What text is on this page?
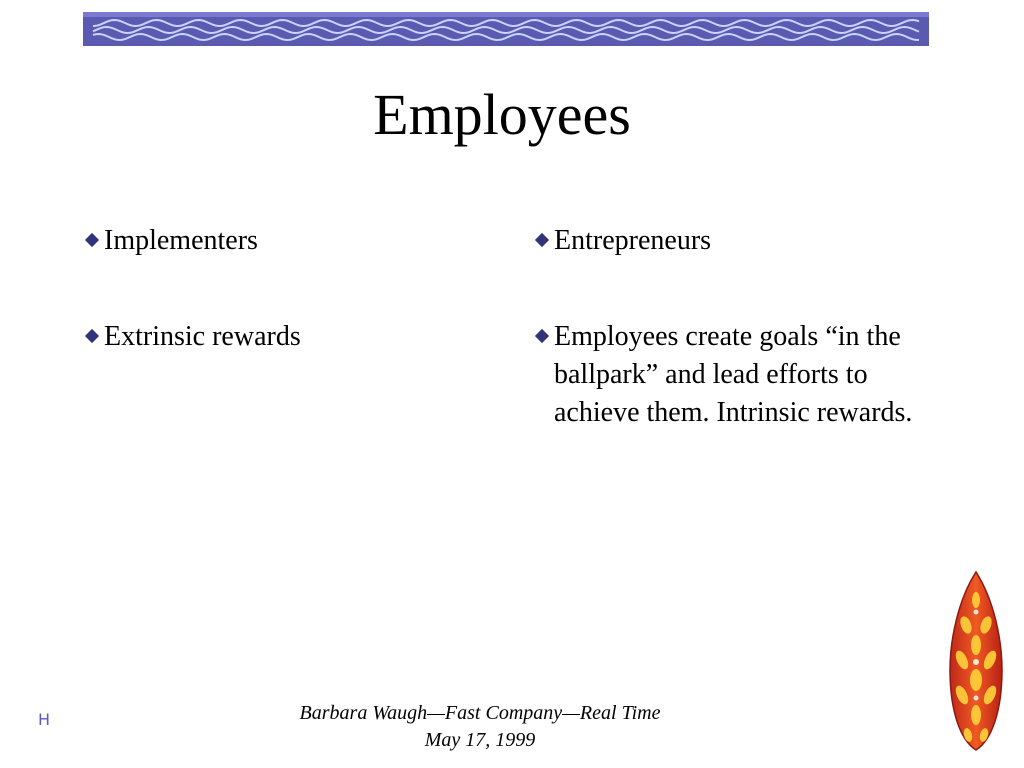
Employees
Implementers
Extrinsic rewards
Entrepreneurs
Employees create goals “in the ballpark” and lead efforts to achieve them. Intrinsic rewards.
H	Barbara Waugh—Fast Company—Real Time
May 17, 1999
